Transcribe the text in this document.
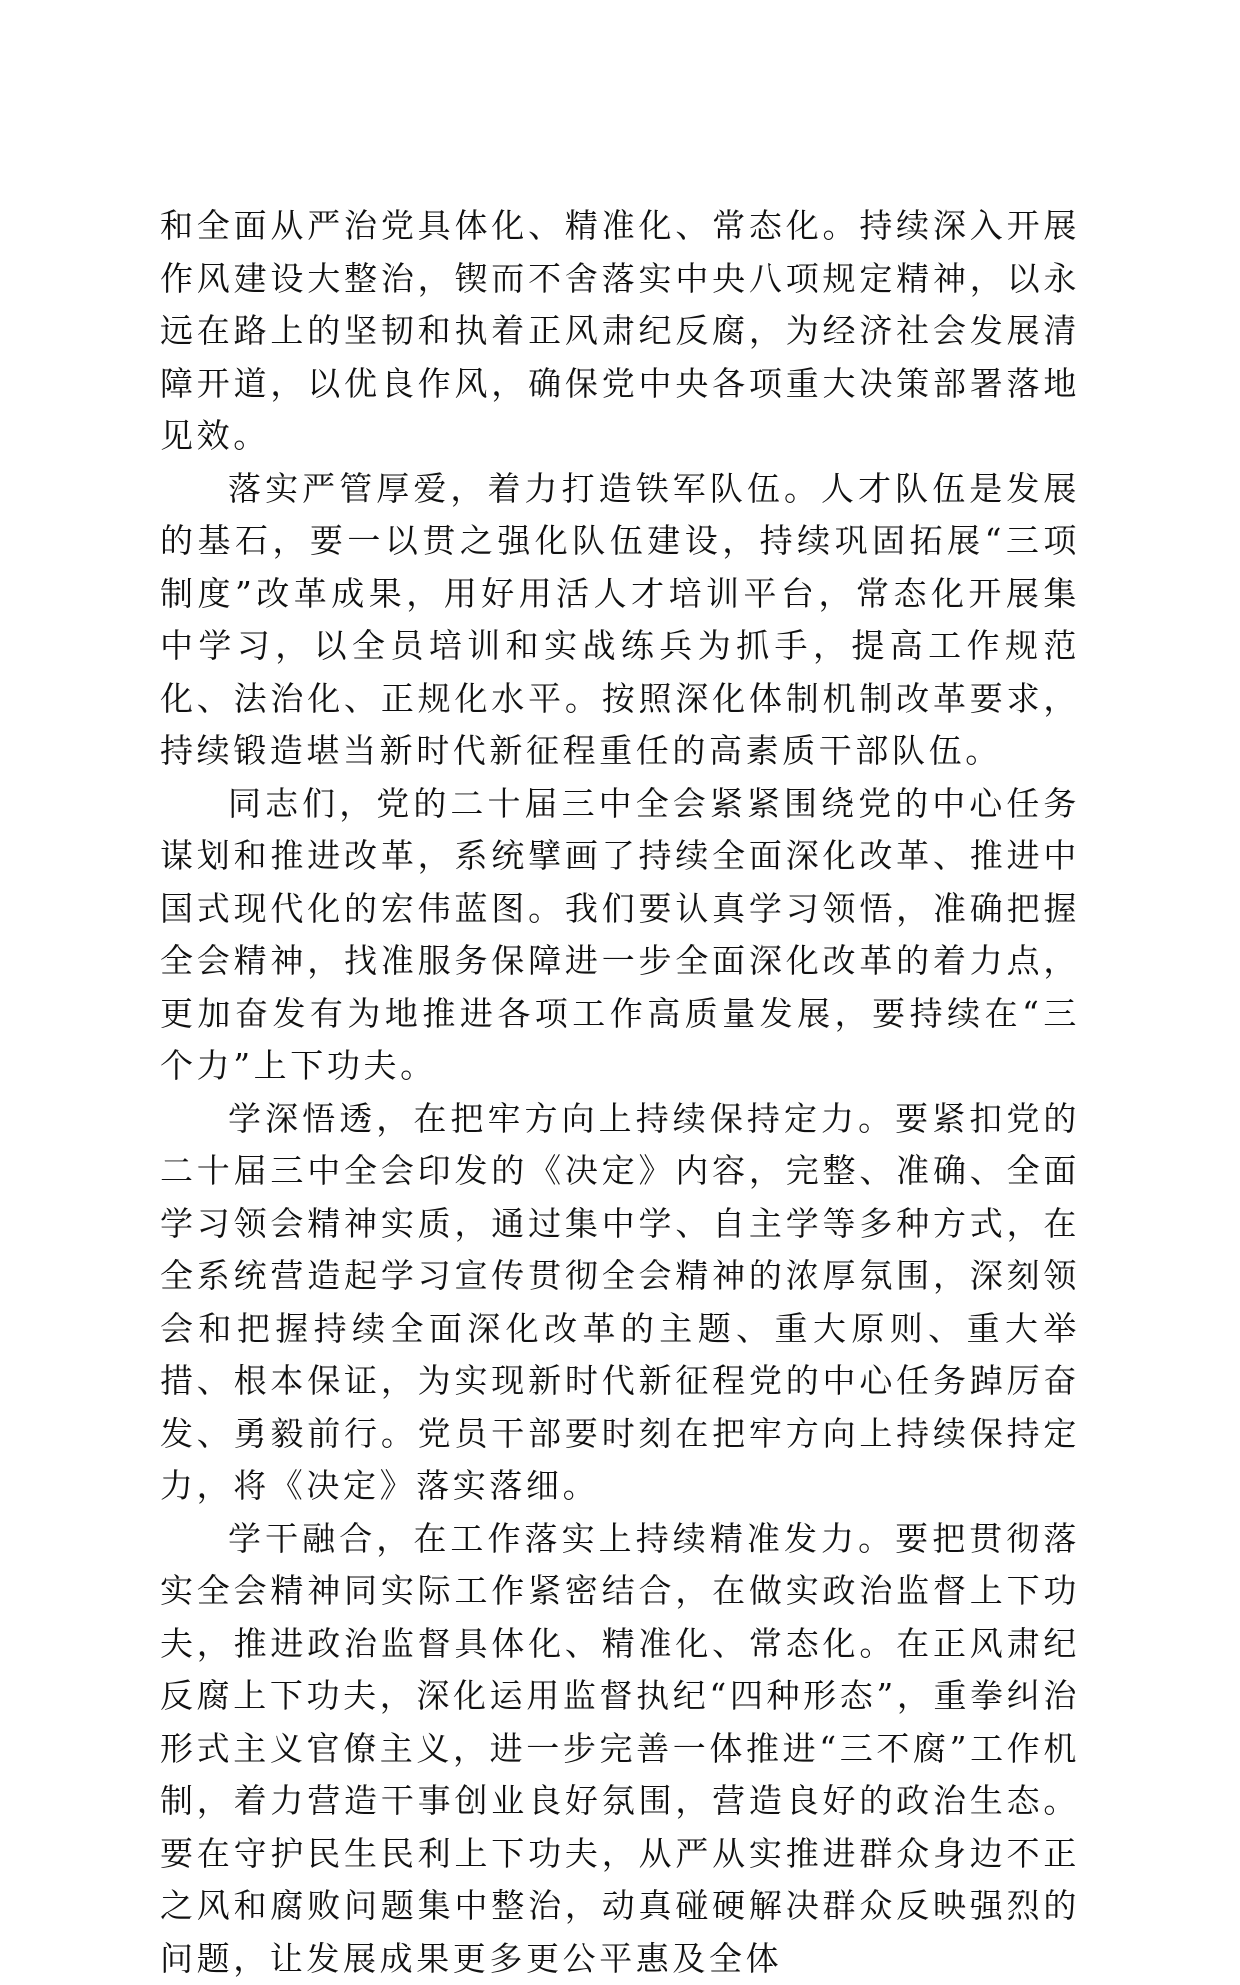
和全面从严治党具体化、精准化、常态化。持续深入开展作风建设大整治，锲而不舍落实中央八项规定精神，以永远在路上的坚韧和执着正风肃纪反腐，为经济社会发展清障开道，以优良作风，确保党中央各项重大决策部署落地见效。

落实严管厚爱，着力打造铁军队伍。人才队伍是发展的基石，要一以贯之强化队伍建设，持续巩固拓展“三项制度”改革成果，用好用活人才培训平台，常态化开展集中学习，以全员培训和实战练兵为抓手，提高工作规范化、法治化、正规化水平。按照深化体制机制改革要求，持续锻造堪当新时代新征程重任的高素质干部队伍。

同志们，党的二十届三中全会紧紧围绕党的中心任务谋划和推进改革，系统擘画了持续全面深化改革、推进中国式现代化的宏伟蓝图。我们要认真学习领悟，准确把握全会精神，找准服务保障进一步全面深化改革的着力点，更加奋发有为地推进各项工作高质量发展，要持续在“三个力”上下功夫。

学深悟透，在把牢方向上持续保持定力。要紧扣党的二十届三中全会印发的《决定》内容，完整、准确、全面学习领会精神实质，通过集中学、自主学等多种方式，在全系统营造起学习宣传贯彻全会精神的浓厚氛围，深刻领会和把握持续全面深化改革的主题、重大原则、重大举措、根本保证，为实现新时代新征程党的中心任务踔厉奋发、勇毅前行。党员干部要时刻在把牢方向上持续保持定力，将《决定》落实落细。

学干融合，在工作落实上持续精准发力。要把贯彻落实全会精神同实际工作紧密结合，在做实政治监督上下功夫，推进政治监督具体化、精准化、常态化。在正风肃纪反腐上下功夫，深化运用监督执纪“四种形态”，重拳纠治形式主义官僚主义，进一步完善一体推进“三不腐”工作机制，着力营造干事创业良好氛围，营造良好的政治生态。要在守护民生民利上下功夫，从严从实推进群众身边不正之风和腐败问题集中整治，动真碰硬解决群众反映强烈的问题，让发展成果更多更公平惠及全体
